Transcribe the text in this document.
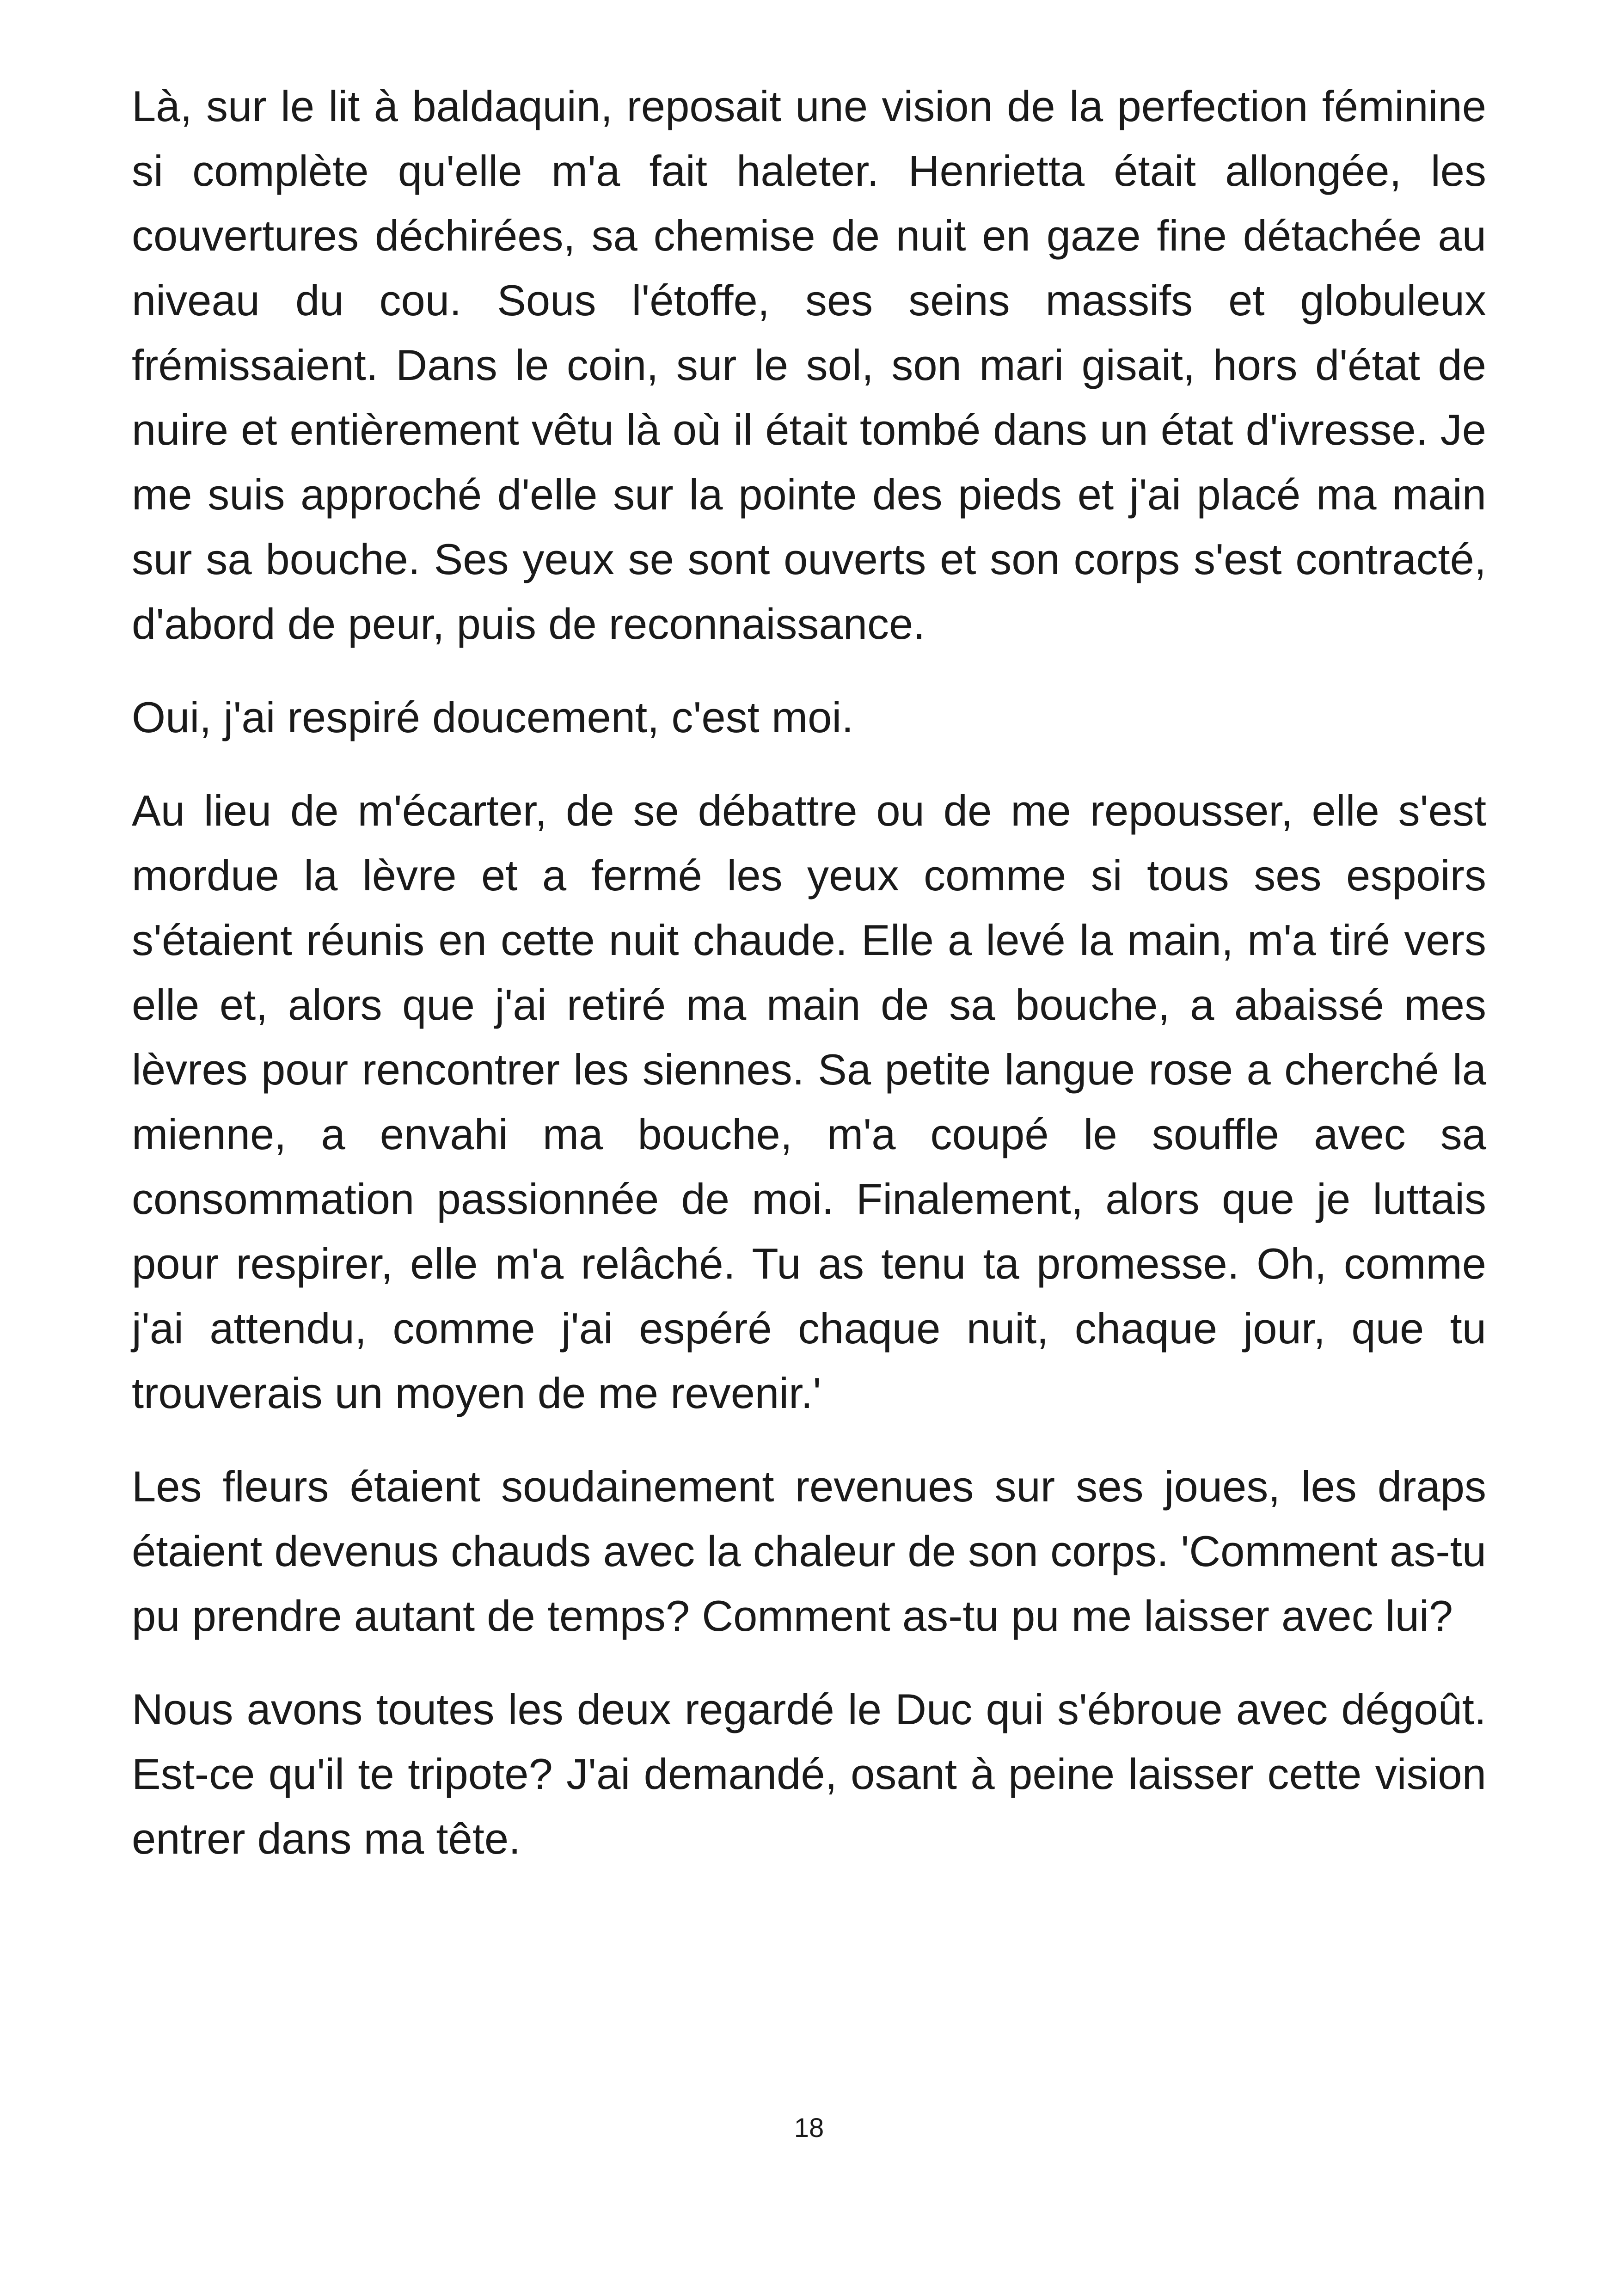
Là, sur le lit à baldaquin, reposait une vision de la perfection féminine si complète qu'elle m'a fait haleter. Henrietta était allongée, les couvertures déchirées, sa chemise de nuit en gaze fine détachée au niveau du cou. Sous l'étoffe, ses seins massifs et globuleux frémissaient. Dans le coin, sur le sol, son mari gisait, hors d'état de nuire et entièrement vêtu là où il était tombé dans un état d'ivresse. Je me suis approché d'elle sur la pointe des pieds et j'ai placé ma main sur sa bouche. Ses yeux se sont ouverts et son corps s'est contracté, d'abord de peur, puis de reconnaissance.

Oui, j'ai respiré doucement, c'est moi.

Au lieu de m'écarter, de se débattre ou de me repousser, elle s'est mordue la lèvre et a fermé les yeux comme si tous ses espoirs s'étaient réunis en cette nuit chaude. Elle a levé la main, m'a tiré vers elle et, alors que j'ai retiré ma main de sa bouche, a abaissé mes lèvres pour rencontrer les siennes. Sa petite langue rose a cherché la mienne, a envahi ma bouche, m'a coupé le souffle avec sa consommation passionnée de moi. Finalement, alors que je luttais pour respirer, elle m'a relâché. Tu as tenu ta promesse. Oh, comme j'ai attendu, comme j'ai espéré chaque nuit, chaque jour, que tu trouverais un moyen de me revenir.'

Les fleurs étaient soudainement revenues sur ses joues, les draps étaient devenus chauds avec la chaleur de son corps. 'Comment as-tu pu prendre autant de temps? Comment as-tu pu me laisser avec lui?

Nous avons toutes les deux regardé le Duc qui s'ébroue avec dégoût. Est-ce qu'il te tripote? J'ai demandé, osant à peine laisser cette vision entrer dans ma tête.

18
